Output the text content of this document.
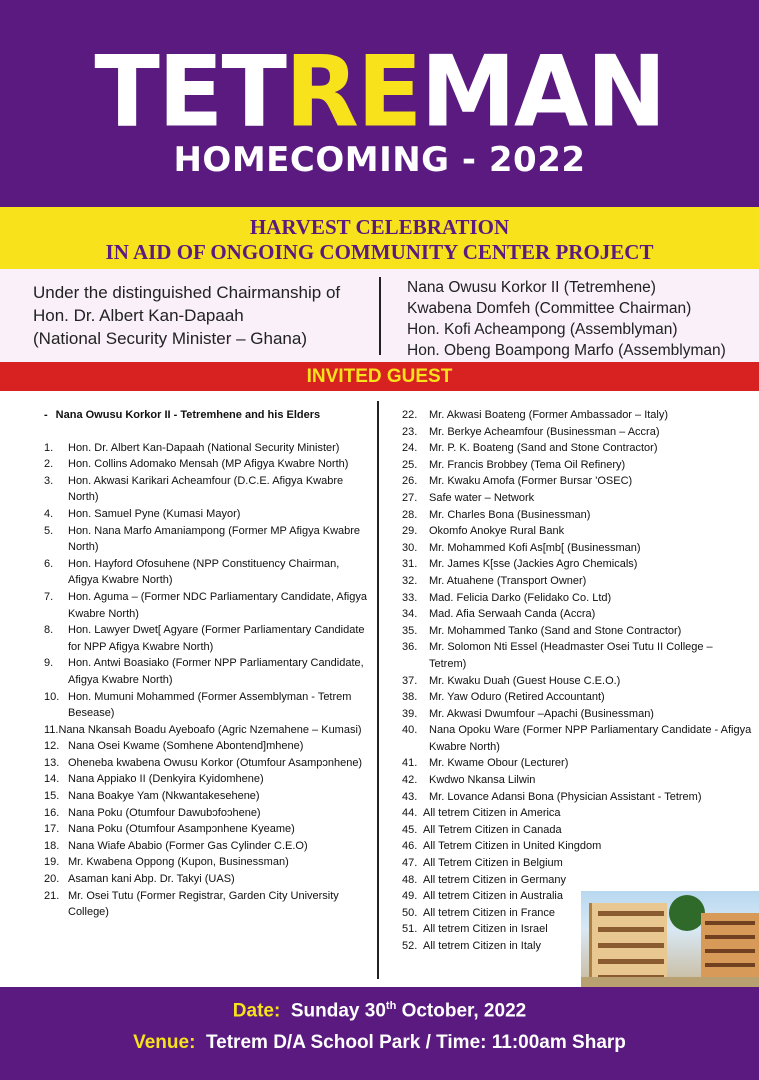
TETREMAN
HOMECOMING - 2022
HARVEST CELEBRATION
IN AID OF ONGOING COMMUNITY CENTER PROJECT
Under the distinguished Chairmanship of
Hon. Dr. Albert Kan-Dapaah
(National Security Minister – Ghana)
Nana Owusu Korkor II (Tetremhene)
Kwabena Domfeh (Committee Chairman)
Hon. Kofi Acheampong (Assemblyman)
Hon. Obeng Boampong Marfo (Assemblyman)
INVITED GUEST
- Nana Owusu Korkor II - Tetremhene and his Elders
1. Hon. Dr. Albert Kan-Dapaah (National Security Minister)
2. Hon. Collins Adomako Mensah (MP Afigya Kwabre North)
3. Hon. Akwasi Karikari Acheamfour (D.C.E. Afigya Kwabre North)
4. Hon. Samuel Pyne (Kumasi Mayor)
5. Hon. Nana Marfo Amaniampong (Former MP Afigya Kwabre North)
6. Hon. Hayford Ofosuhene (NPP Constituency Chairman, Afigya Kwabre North)
7. Hon. Aguma – (Former NDC Parliamentary Candidate, Afigya Kwabre North)
8. Hon. Lawyer Dwet[ Agyare (Former Parliamentary Candidate for NPP Afigya Kwabre North)
9. Hon. Antwi Boasiako (Former NPP Parliamentary Candidate, Afigya Kwabre North)
10. Hon. Mumuni Mohammed (Former Assemblyman - Tetrem Besease)
11.Nana Nkansah Boadu Ayeboafo (Agric Nzemahene – Kumasi)
12. Nana Osei Kwame (Somhene Abontend]mhene)
13. Oheneba kwabena Owusu Korkor (Otumfour Asampɔnhene)
14. Nana Appiako II (Denkyira Kyidomhene)
15. Nana Boakye Yam (Nkwantakesehene)
16. Nana Poku (Otumfour Dawubɔfoɔhene)
17. Nana Poku (Otumfour Asampɔnhene Kyeame)
18. Nana Wiafe Ababio (Former Gas Cylinder C.E.O)
19. Mr. Kwabena Oppong (Kupon, Businessman)
20. Asaman kani Abp. Dr. Takyi (UAS)
21. Mr. Osei Tutu (Former Registrar, Garden City University College)
22. Mr. Akwasi Boateng (Former Ambassador – Italy)
23. Mr. Berkye Acheamfour (Businessman – Accra)
24. Mr. P. K. Boateng (Sand and Stone Contractor)
25. Mr. Francis Brobbey (Tema Oil Refinery)
26. Mr. Kwaku Amofa (Former Bursar 'OSEC)
27. Safe water – Network
28. Mr. Charles Bona (Businessman)
29. Okomfo Anokye Rural Bank
30. Mr. Mohammed Kofi As[mb[ (Businessman)
31. Mr. James K[sse (Jackies Agro Chemicals)
32. Mr. Atuahene (Transport Owner)
33. Mad. Felicia Darko (Felidako Co. Ltd)
34. Mad. Afia Serwaah Canda (Accra)
35. Mr. Mohammed Tanko (Sand and Stone Contractor)
36. Mr. Solomon Nti Essel (Headmaster Osei Tutu II College – Tetrem)
37. Mr. Kwaku Duah (Guest House C.E.O.)
38. Mr. Yaw Oduro (Retired Accountant)
39. Mr. Akwasi Dwumfour –Apachi (Businessman)
40. Nana Opoku Ware (Former NPP Parliamentary Candidate - Afigya Kwabre North)
41. Mr. Kwame Obour (Lecturer)
42. Kwdwo Nkansa Lilwin
43. Mr. Lovance Adansi Bona (Physician Assistant - Tetrem)
44. All tetrem Citizen in America
45. All Tetrem Citizen in Canada
46. All Tetrem Citizen in United Kingdom
47. All Tetrem Citizen in Belgium
48. All tetrem Citizen in Germany
49. All tetrem Citizen in Australia
50. All tetrem Citizen in France
51. All tetrem Citizen in Israel
52. All tetrem Citizen in Italy
Date: Sunday 30th October, 2022
Venue: Tetrem D/A School Park / Time: 11:00am Sharp
